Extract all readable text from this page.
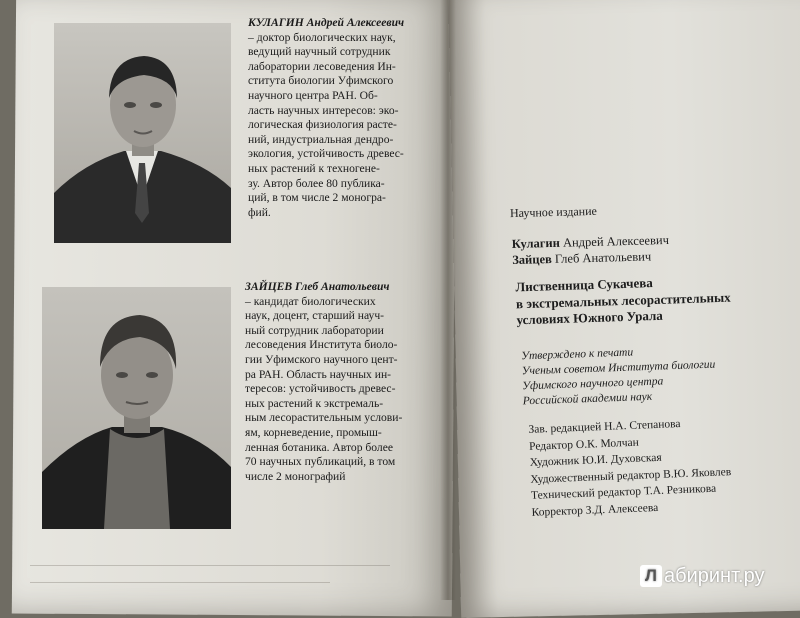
КУЛАГИН Андрей Алексеевич

– доктор биологических наук,
ведущий научный сотрудник
лаборатории лесоведения Ин-
ститута биологии Уфимского
научного центра РАН. Об-
ласть научных интересов: эко-
логическая физиология расте-
ний, индустриальная дендро-
экология, устойчивость древес-
ных растений к техногене-
зу. Автор более 80 публика-
ций, в том числе 2 моногра-
фий.

ЗАЙЦЕВ Глеб Анатольевич

– кандидат биологических
наук, доцент, старший науч-
ный сотрудник лаборатории
лесоведения Института биоло-
гии Уфимского научного цент-
ра РАН. Область научных ин-
тересов: устойчивость древес-
ных растений к экстремаль-
ным лесорастительным услови-
ям, корневедение, промыш-
ленная ботаника. Автор более
70 научных публикаций, в том
числе 2 монографий
Научное издание
Кулагин Андрей Алексеевич
Зайцев Глеб Анатольевич
Лиственница Сукачева
в экстремальных лесорастительных
условиях Южного Урала
Утверждено к печати
Ученым советом Института биологии
Уфимского научного центра
Российской академии наук
Зав. редакцией Н.А. Степанова
Редактор О.К. Молчан
Художник Ю.И. Духовская
Художественный редактор В.Ю. Яковлев
Технический редактор Т.А. Резникова
Корректор З.Д. Алексеева
Л абиринт.ру
